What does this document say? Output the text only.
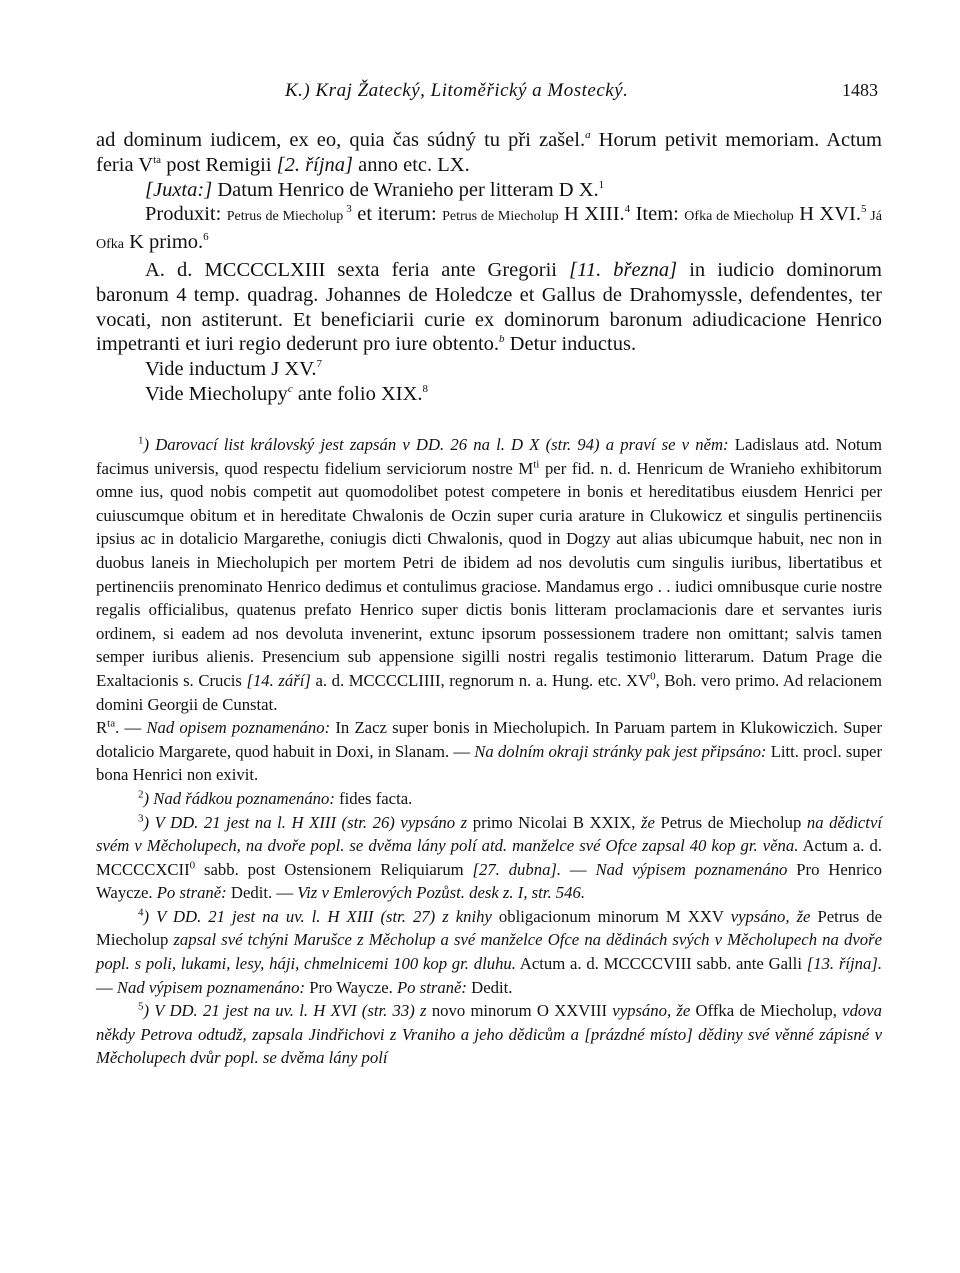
K.) Kraj Žatecký, Litoměřický a Mostecký.	1483

ad dominum iudicem, ex eo, quia čas súdný tu při zašel.$^a$ Horum petivit memoriam. Actum feria $V^{ta}$ post Remigii [2. října] anno etc. LX.

[Juxta:] Datum Henrico de Wranieho per litteram D X.$^1$

Produxit: Petrus de Miecholup $^3$ et iterum: Petrus de Miecholup H XIII.$^4$ Item: Ofka de Miecholup H XVI.$^5$ Já Ofka K primo.$^6$

A. d. MCCCCLXIII sexta feria ante Gregorii [11. března] in iudicio dominorum baronum 4 temp. quadrag. Johannes de Holedcze et Gallus de Drahomyssle, defendentes, ter vocati, non astiterunt. Et beneficiarii curie ex dominorum baronum adiudicacione Henrico impetranti et iuri regio dederunt pro iure obtento.$^b$ Detur inductus.

Vide inductum J XV.$^7$

Vide Miecholupy$^c$ ante folio XIX.$^8$

$^1$) Darovací list královský jest zapsán v DD. 26 na l. D X (str. 94) a praví se v něm: Ladislaus atd. Notum facimus universis, quod respectu fidelium serviciorum nostre $M^{ti}$ per fid. n. d. Henricum de Wranieho exhibitorum omne ius, quod nobis competit aut quomodolibet potest competere in bonis et hereditatibus eiusdem Henrici per cuiuscumque obitum et in hereditate Chwalonis de Oczin super curia arature in Clukowicz et singulis pertinenciis ipsius ac in dotalicio Margarethe, coniugis dicti Chwalonis, quod in Dogzy aut alias ubicumque habuit, nec non in duobus laneis in Miecholupich per mortem Petri de ibidem ad nos devolutis cum singulis iuribus, libertatibus et pertinenciis prenominato Henrico dedimus et contulimus graciose. Mandamus ergo . . iudici omnibusque curie nostre regalis officialibus, quatenus prefato Henrico super dictis bonis litteram proclamacionis dare et servantes iuris ordinem, si eadem ad nos devoluta invenerint, extunc ipsorum possessionem tradere non omittant; salvis tamen semper iuribus alienis. Presencium sub appensione sigilli nostri regalis testimonio litterarum. Datum Prage die Exaltacionis s. Crucis [14. září] a. d. MCCCCLIIII, regnorum n. a. Hung. etc. $XV^0$, Boh. vero primo. Ad relacionem domini Georgii de Cunstat.

$R^{ta}$. — Nad opisem poznamenáno: In Zacz super bonis in Miecholupich. In Paruam partem in Klukowiczich. Super dotalicio Margarete, quod habuit in Doxi, in Slanam. — Na dolním okraji stránky pak jest připsáno: Litt. procl. super bona Henrici non exivit.

$^2$) Nad řádkou poznamenáno: fides facta.

$^3$) V DD. 21 jest na l. H XIII (str. 26) vypsáno z primo Nicolai B XXIX, že Petrus de Miecholup na dědictví svém v Měcholupech, na dvoře popl. se dvěma lány polí atd. manželce své Ofce zapsal 40 kop gr. věna. Actum a. d. MCCCCXCII$^0$ sabb. post Ostensionem Reliquiarum [27. dubna]. — Nad výpisem poznamenáno Pro Henrico Waycze. Po straně: Dedit. — Viz v Emlerových Pozůst. desk z. I, str. 546.

$^4$) V DD. 21 jest na uv. l. H XIII (str. 27) z knihy obligacionum minorum M XXV vypsáno, že Petrus de Miecholup zapsal své tchýni Marušce z Měcholup a své manželce Ofce na dědinách svých v Měcholupech na dvoře popl. s poli, lukami, lesy, háji, chmelnicemi 100 kop gr. dluhu. Actum a. d. MCCCCVIII sabb. ante Galli [13. října]. — Nad výpisem poznamenáno: Pro Waycze. Po straně: Dedit.

$^5$) V DD. 21 jest na uv. l. H XVI (str. 33) z novo minorum O XXVIII vypsáno, že Offka de Miecholup, vdova někdy Petrova odtudž, zapsala Jindřichovi z Vraniho a jeho dědicům a [prázdné místo] dědiny své věnné zápisné v Měcholupech dvůr popl. se dvěma lány polí
